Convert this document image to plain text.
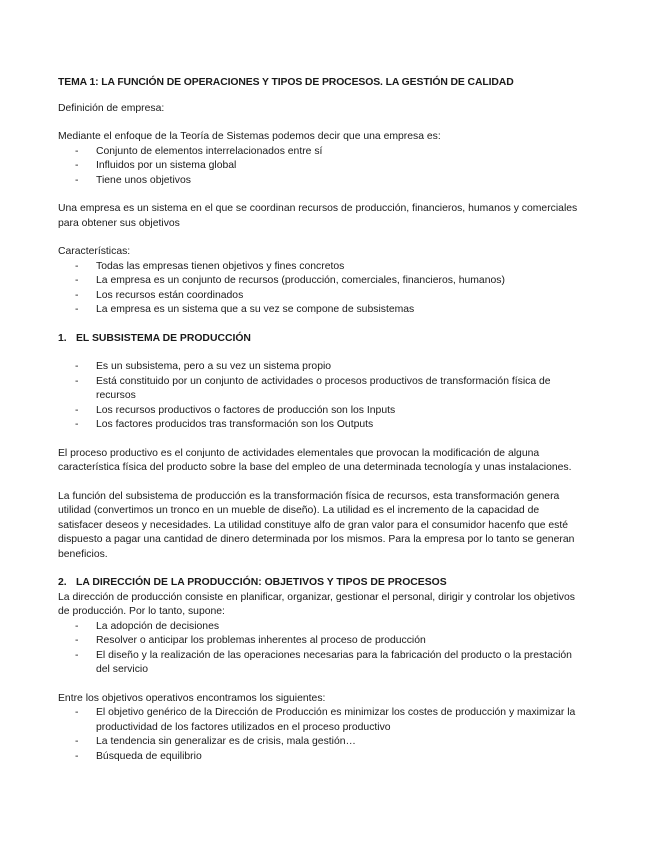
TEMA 1: LA FUNCIÓN DE OPERACIONES Y TIPOS DE PROCESOS. LA GESTIÓN DE CALIDAD

Definición de empresa:

Mediante el enfoque de la Teoría de Sistemas podemos decir que una empresa es:

- Conjunto de elementos interrelacionados entre sí
- Influidos por un sistema global
- Tiene unos objetivos

Una empresa es un sistema en el que se coordinan recursos de producción, financieros, humanos y comerciales

para obtener sus objetivos

Características:

- Todas las empresas tienen objetivos y fines concretos
- La empresa es un conjunto de recursos (producción, comerciales, financieros, humanos)
- Los recursos están coordinados
- La empresa es un sistema que a su vez se compone de subsistemas

1. EL SUBSISTEMA DE PRODUCCIÓN

- Es un subsistema, pero a su vez un sistema propio
- Está constituido por un conjunto de actividades o procesos productivos de transformación física de
recursos
- Los recursos productivos o factores de producción son los Inputs
- Los factores producidos tras transformación son los Outputs

El proceso productivo es el conjunto de actividades elementales que provocan la modificación de alguna

característica física del producto sobre la base del empleo de una determinada tecnología y unas instalaciones.

La función del subsistema de producción es la transformación física de recursos, esta transformación genera

utilidad (convertimos un tronco en un mueble de diseño). La utilidad es el incremento de la capacidad de

satisfacer deseos y necesidades. La utilidad constituye alfo de gran valor para el consumidor hacenfo que esté

dispuesto a pagar una cantidad de dinero determinada por los mismos. Para la empresa por lo tanto se generan

beneficios.

2. LA DIRECCIÓN DE LA PRODUCCIÓN: OBJETIVOS Y TIPOS DE PROCESOS

La dirección de producción consiste en planificar, organizar, gestionar el personal, dirigir y controlar los objetivos

de producción. Por lo tanto, supone:

- La adopción de decisiones
- Resolver o anticipar los problemas inherentes al proceso de producción
- El diseño y la realización de las operaciones necesarias para la fabricación del producto o la prestación
del servicio

Entre los objetivos operativos encontramos los siguientes:

- El objetivo genérico de la Dirección de Producción es minimizar los costes de producción y maximizar la
productividad de los factores utilizados en el proceso productivo
- La tendencia sin generalizar es de crisis, mala gestión…
- Búsqueda de equilibrio
